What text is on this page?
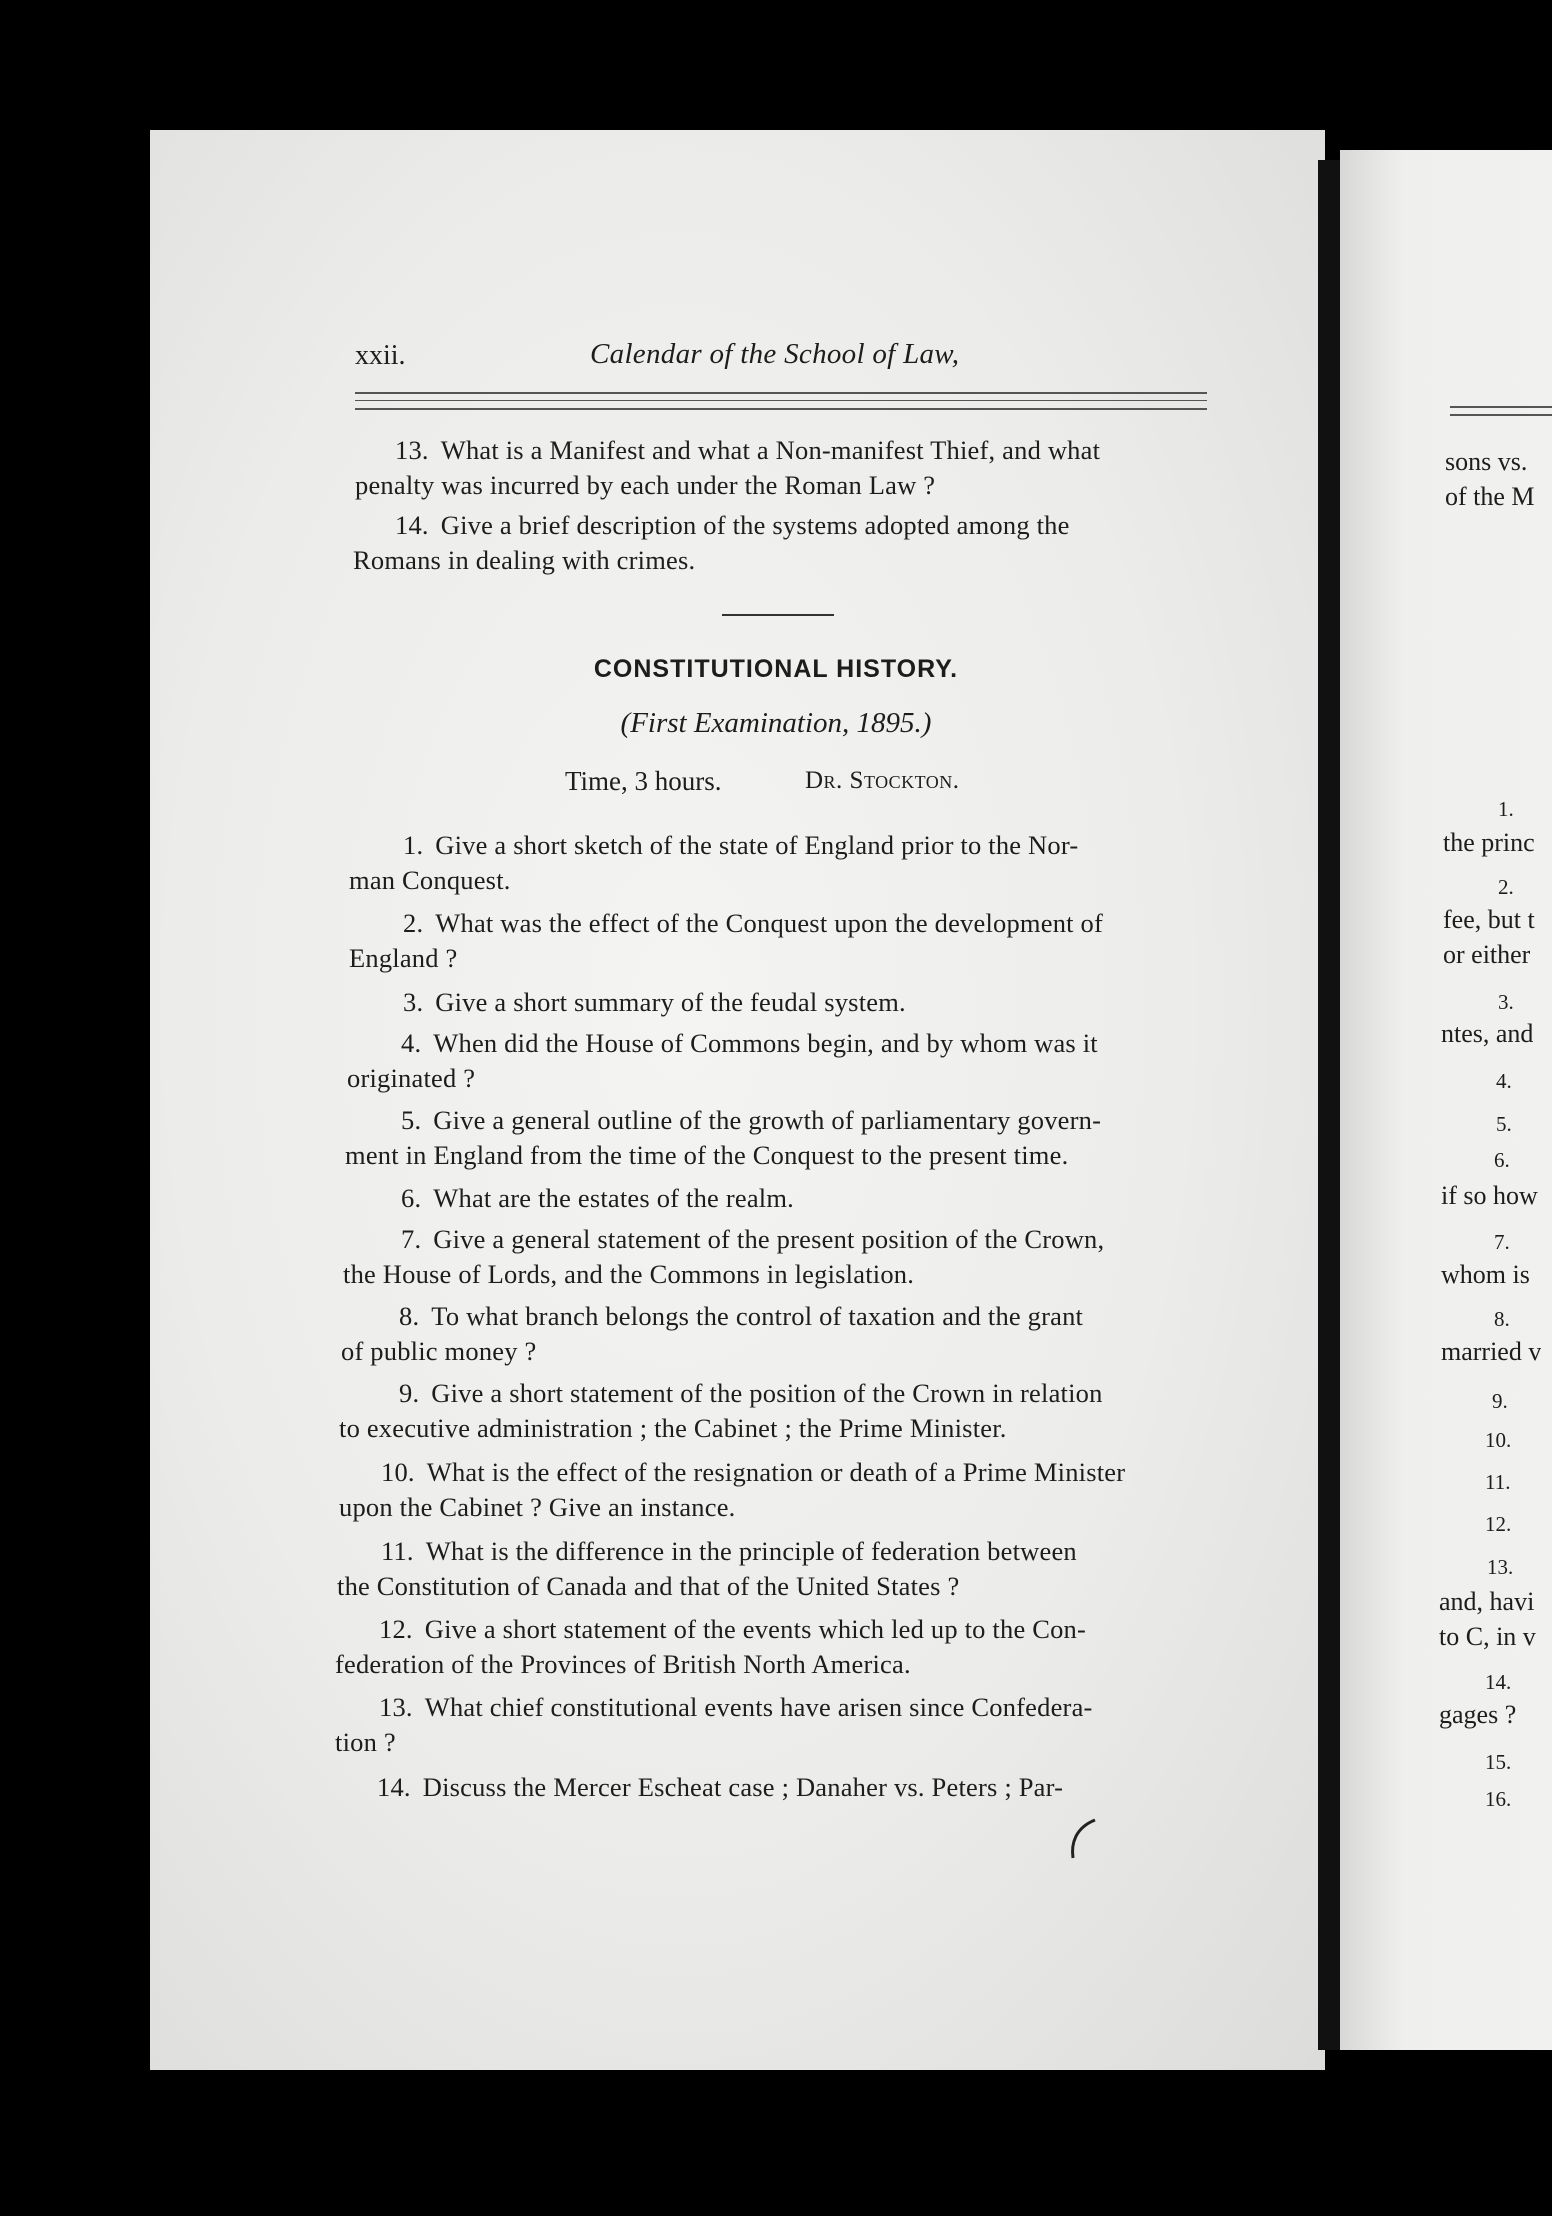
xxii.	Calendar of the School of Law,

13. What is a Manifest and what a Non-manifest Thief, and what
penalty was incurred by each under the Roman Law ?

14. Give a brief description of the systems adopted among the
Romans in dealing with crimes.

CONSTITUTIONAL HISTORY.
(First Examination, 1895.)
Time, 3 hours.	Dr. Stockton.

1. Give a short sketch of the state of England prior to the Nor-
man Conquest.

2. What was the effect of the Conquest upon the development of
England ?

3. Give a short summary of the feudal system.

4. When did the House of Commons begin, and by whom was it
originated ?

5. Give a general outline of the growth of parliamentary govern-
ment in England from the time of the Conquest to the present time.

6. What are the estates of the realm.

7. Give a general statement of the present position of the Crown,
the House of Lords, and the Commons in legislation.

8. To what branch belongs the control of taxation and the grant
of public money ?

9. Give a short statement of the position of the Crown in relation
to executive administration ; the Cabinet ; the Prime Minister.

10. What is the effect of the resignation or death of a Prime Minister
upon the Cabinet ? Give an instance.

11. What is the difference in the principle of federation between
the Constitution of Canada and that of the United States ?

12. Give a short statement of the events which led up to the Con-
federation of the Provinces of British North America.

13. What chief constitutional events have arisen since Confedera-
tion ?

14. Discuss the Mercer Escheat case ; Danaher vs. Peters ; Par-

sons vs.
of the M
1.
the princ
2.
fee, but t
or either
3.
ntes, and
4.
5.
6.
if so how
7.
whom is
8.
married v
9.
10.
11.
12.
13.
and, havi
to C, in v
14.
gages ?
15.
16.
